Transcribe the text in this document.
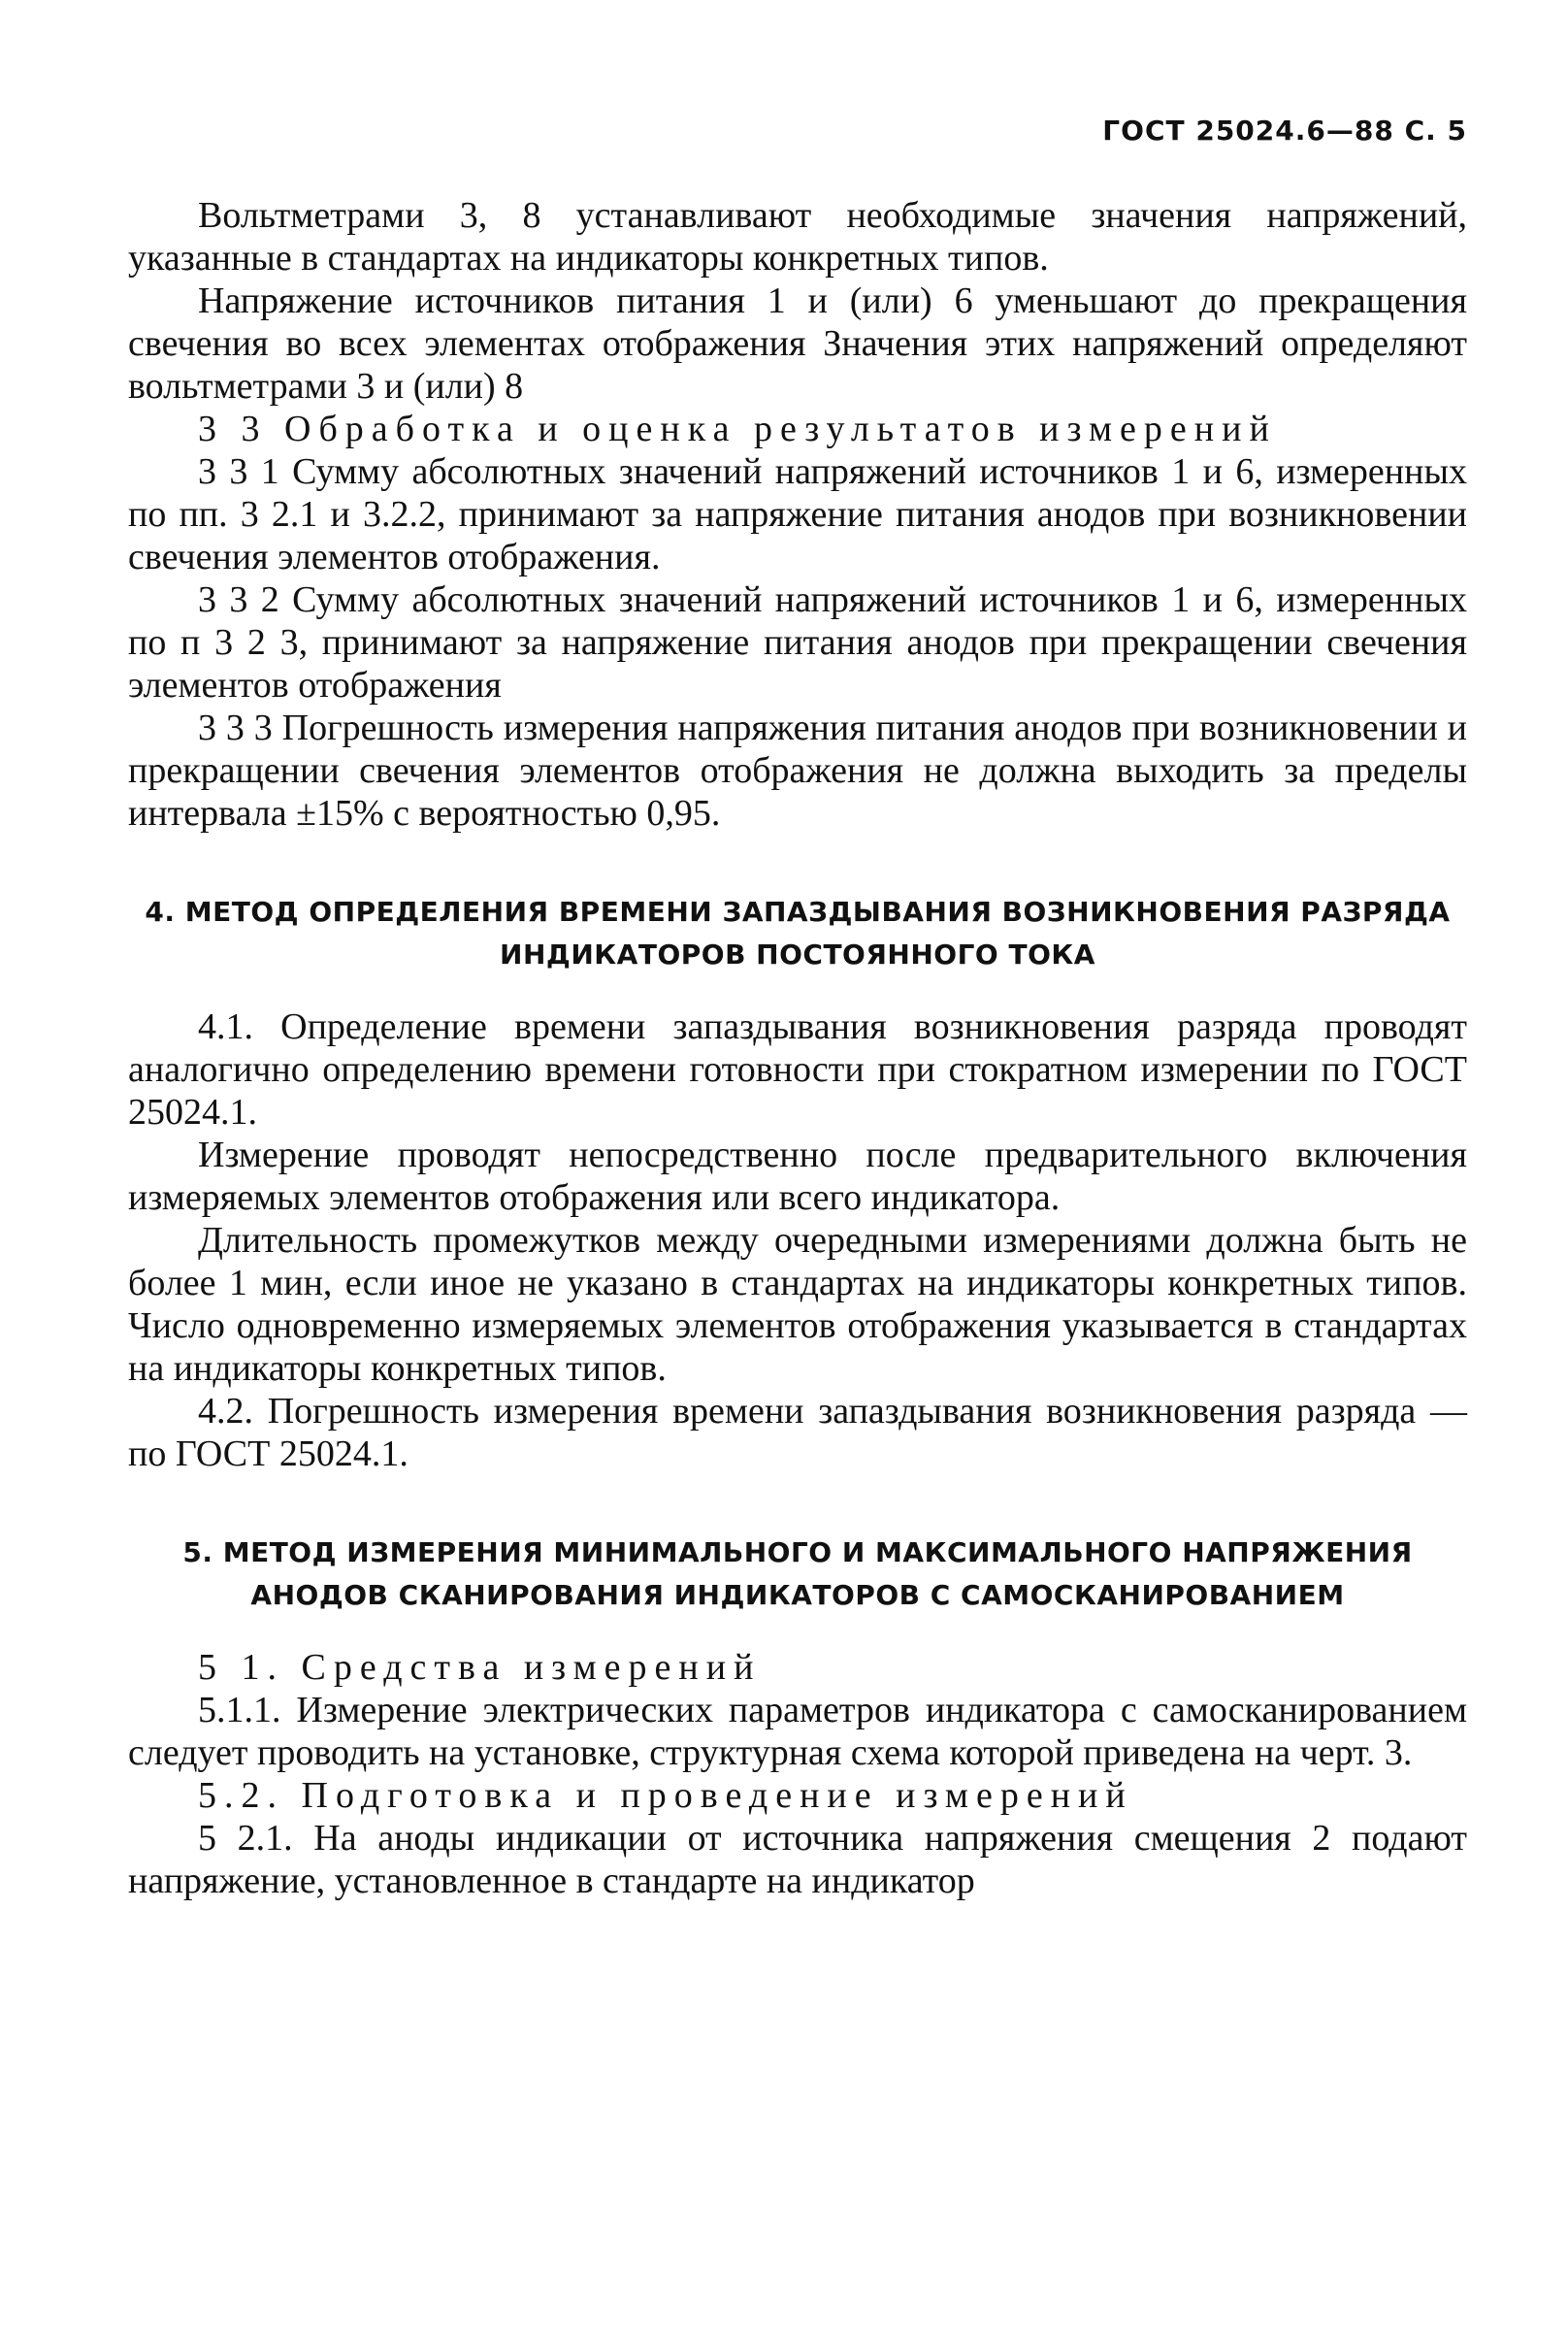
ГОСТ 25024.6—88 С. 5

Вольтметрами 3, 8 устанавливают необходимые значения напряжений, указанные в стандартах на индикаторы конкретных типов.

Напряжение источников питания 1 и (или) 6 уменьшают до прекращения свечения во всех элементах отображения Значения этих напряжений определяют вольтметрами 3 и (или) 8

3 3 Обработка и оценка результатов измерений

3 3 1 Сумму абсолютных значений напряжений источников 1 и 6, измеренных по пп. 3 2.1 и 3.2.2, принимают за напряжение питания анодов при возникновении свечения элементов отображения.

3 3 2 Сумму абсолютных значений напряжений источников 1 и 6, измеренных по п 3 2 3, принимают за напряжение питания анодов при прекращении свечения элементов отображения

3 3 3 Погрешность измерения напряжения питания анодов при возникновении и прекращении свечения элементов отображения не должна выходить за пределы интервала ±15% с вероятностью 0,95.

4. МЕТОД ОПРЕДЕЛЕНИЯ ВРЕМЕНИ ЗАПАЗДЫВАНИЯ ВОЗНИКНОВЕНИЯ РАЗРЯДА ИНДИКАТОРОВ ПОСТОЯННОГО ТОКА

4.1. Определение времени запаздывания возникновения разряда проводят аналогично определению времени готовности при стократном измерении по ГОСТ 25024.1.

Измерение проводят непосредственно после предварительного включения измеряемых элементов отображения или всего индикатора.

Длительность промежутков между очередными измерениями должна быть не более 1 мин, если иное не указано в стандартах на индикаторы конкретных типов. Число одновременно измеряемых элементов отображения указывается в стандартах на индикаторы конкретных типов.

4.2. Погрешность измерения времени запаздывания возникновения разряда — по ГОСТ 25024.1.

5. МЕТОД ИЗМЕРЕНИЯ МИНИМАЛЬНОГО И МАКСИМАЛЬНОГО НАПРЯЖЕНИЯ АНОДОВ СКАНИРОВАНИЯ ИНДИКАТОРОВ С САМОСКАНИРОВАНИЕМ

5 1. Средства измерений

5.1.1. Измерение электрических параметров индикатора с самосканированием следует проводить на установке, структурная схема которой приведена на черт. 3.

5.2. Подготовка и проведение измерений

5 2.1. На аноды индикации от источника напряжения смещения 2 подают напряжение, установленное в стандарте на индикатор
